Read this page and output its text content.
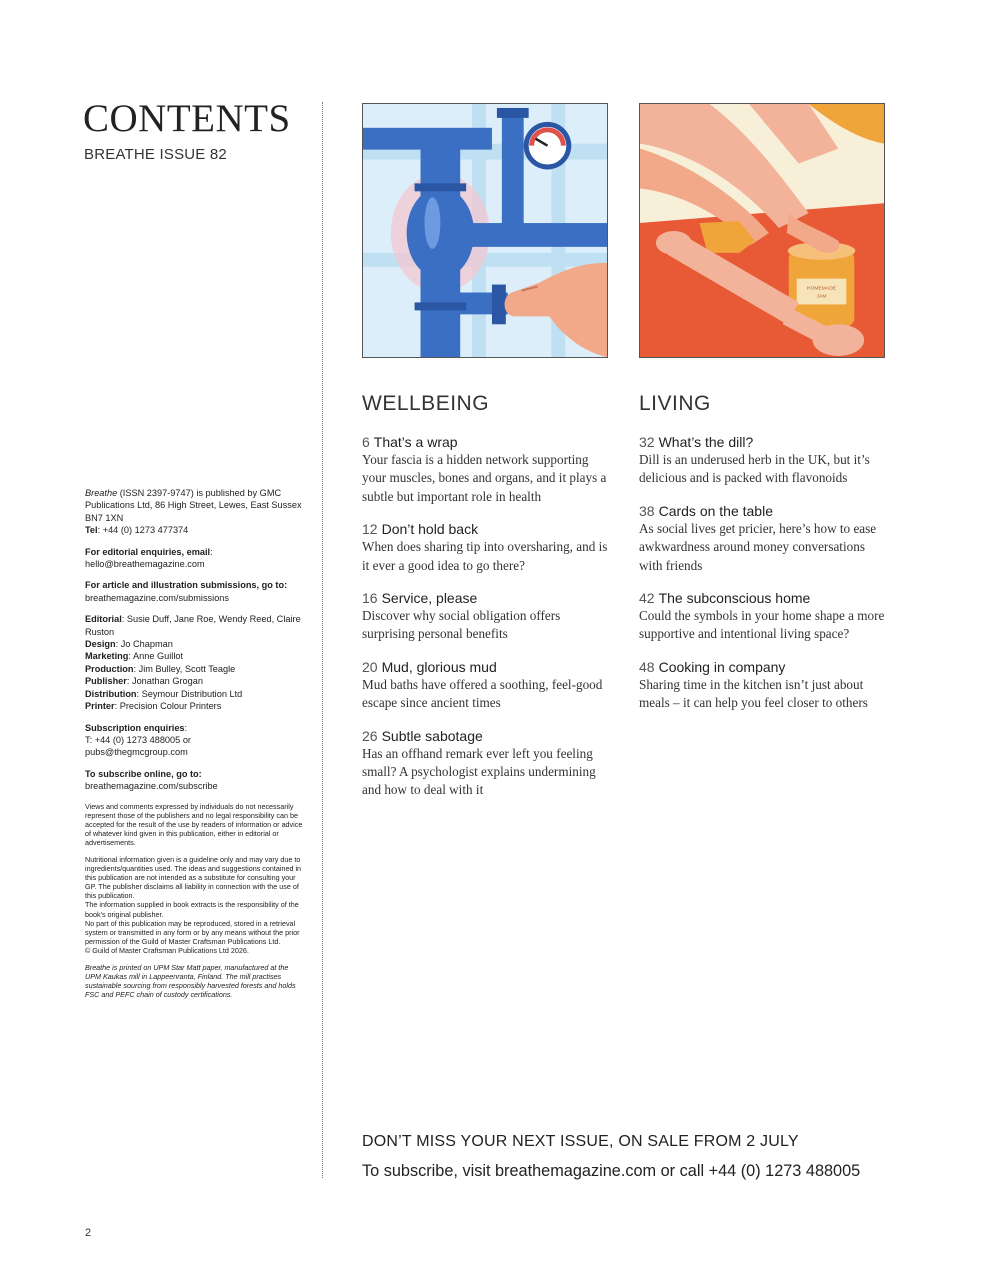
CONTENTS
BREATHE ISSUE 82

Breathe (ISSN 2397-9747) is published by GMC Publications Ltd, 86 High Street, Lewes, East Sussex BN7 1XN
Tel: +44 (0) 1273 477374

For editorial enquiries, email:
hello@breathemagazine.com

For article and illustration submissions, go to:
breathemagazine.com/submissions

Editorial: Susie Duff, Jane Roe, Wendy Reed, Claire Ruston
Design: Jo Chapman
Marketing: Anne Guillot
Production: Jim Bulley, Scott Teagle
Publisher: Jonathan Grogan
Distribution: Seymour Distribution Ltd
Printer: Precision Colour Printers

Subscription enquiries:
T: +44 (0) 1273 488005 or
pubs@thegmcgroup.com

To subscribe online, go to:
breathemagazine.com/subscribe

Views and comments expressed by individuals do not necessarily represent those of the publishers and no legal responsibility can be accepted for the result of the use by readers of information or advice of whatever kind given in this publication, either in editorial or advertisements.

Nutritional information given is a guideline only and may vary due to ingredients/quantities used. The ideas and suggestions contained in this publication are not intended as a substitute for consulting your GP. The publisher disclaims all liability in connection with the use of this publication.

The information supplied in book extracts is the responsibility of the book's original publisher.

No part of this publication may be reproduced, stored in a retrieval system or transmitted in any form or by any means without the prior permission of the Guild of Master Craftsman Publications Ltd.

© Guild of Master Craftsman Publications Ltd 2026.

Breathe is printed on UPM Star Matt paper, manufactured at the UPM Kaukas mill in Lappeenranta, Finland. The mill practises sustainable sourcing from responsibly harvested forests and holds FSC and PEFC chain of custody certifications.

HOMEMADE
JAM
WELLBEING
6 That’s a wrap
Your fascia is a hidden network supporting your muscles, bones and organs, and it plays a subtle but important role in health
12 Don’t hold back
When does sharing tip into oversharing, and is it ever a good idea to go there?
16 Service, please
Discover why social obligation offers surprising personal benefits
20 Mud, glorious mud
Mud baths have offered a soothing, feel-good escape since ancient times
26 Subtle sabotage
Has an offhand remark ever left you feeling small? A psychologist explains undermining and how to deal with it
LIVING
32 What’s the dill?
Dill is an underused herb in the UK, but it’s delicious and is packed with flavonoids
38 Cards on the table
As social lives get pricier, here’s how to ease awkwardness around money conversations with friends
42 The subconscious home
Could the symbols in your home shape a more supportive and intentional living space?
48 Cooking in company
Sharing time in the kitchen isn’t just about meals – it can help you feel closer to others
DON’T MISS YOUR NEXT ISSUE, ON SALE FROM 2 JULY
To subscribe, visit breathemagazine.com or call +44 (0) 1273 488005
2
